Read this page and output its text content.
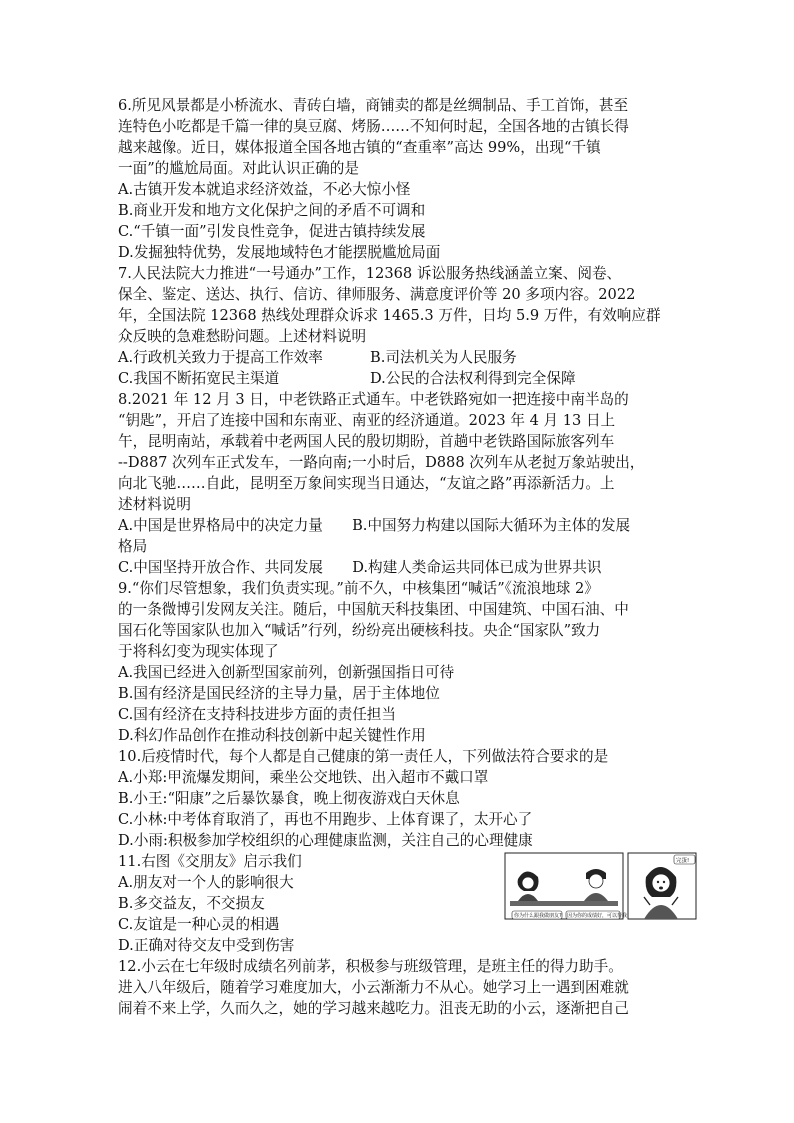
6.所见风景都是小桥流水、青砖白墙，商铺卖的都是丝绸制品、手工首饰，甚至
连特色小吃都是千篇一律的臭豆腐、烤肠……不知何时起，全国各地的古镇长得
越来越像。近日，媒体报道全国各地古镇的“查重率”高达 99%，出现“千镇
一面”的尴尬局面。对此认识正确的是
A.古镇开发本就追求经济效益，不必大惊小怪
B.商业开发和地方文化保护之间的矛盾不可调和
C.“千镇一面”引发良性竞争，促进古镇持续发展
D.发掘独特优势，发展地域特色才能摆脱尴尬局面
7.人民法院大力推进“一号通办”工作，12368 诉讼服务热线涵盖立案、阅卷、
保全、鉴定、送达、执行、信访、律师服务、满意度评价等 20 多项内容。2022
年，全国法院 12368 热线处理群众诉求 1465.3 万件，日均 5.9 万件，有效响应群
众反映的急难愁盼问题。上述材料说明
A.行政机关致力于提高工作效率	B.司法机关为人民服务
C.我国不断拓宽民主渠道	D.公民的合法权利得到完全保障
8.2021 年 12 月 3 日，中老铁路正式通车。中老铁路宛如一把连接中南半岛的
“钥匙”，开启了连接中国和东南亚、南亚的经济通道。2023 年 4 月 13 日上
午，昆明南站，承载着中老两国人民的殷切期盼，首趟中老铁路国际旅客列车
--D887 次列车正式发车，一路向南;一小时后，D888 次列车从老挝万象站驶出，
向北飞驰……自此，昆明至万象间实现当日通达，“友谊之路”再添新活力。上
述材料说明
A.中国是世界格局中的决定力量　　B.中国努力构建以国际大循环为主体的发展
格局
C.中国坚持开放合作、共同发展　　D.构建人类命运共同体已成为世界共识
9.“你们尽管想象，我们负责实现。”前不久，中核集团“喊话”《流浪地球 2》
的一条微博引发网友关注。随后，中国航天科技集团、中国建筑、中国石油、中
国石化等国家队也加入“喊话”行列，纷纷亮出硬核科技。央企“国家队”致力
于将科幻变为现实体现了
A.我国已经进入创新型国家前列，创新强国指日可待
B.国有经济是国民经济的主导力量，居于主体地位
C.国有经济在支持科技进步方面的责任担当
D.科幻作品创作在推动科技创新中起关键性作用
10.后疫情时代，每个人都是自己健康的第一责任人，下列做法符合要求的是
A.小郑:甲流爆发期间，乘坐公交地铁、出入超市不戴口罩
B.小王:“阳康”之后暴饮暴食，晚上彻夜游戏白天休息
C.小林:中考体育取消了，再也不用跑步、上体育课了，太开心了
D.小雨:积极参加学校组织的心理健康监测，关注自己的心理健康
11.右图《交朋友》启示我们
A.朋友对一个人的影响很大
B.多交益友，不交损友
C.友谊是一种心灵的相遇
D.正确对待交友中受到伤害
12.小云在七年级时成绩名列前茅，积极参与班级管理，是班主任的得力助手。
进入八年级后，随着学习难度加大，小云渐渐力不从心。她学习上一遇到困难就
闹着不来上学，久而久之，她的学习越来越吃力。沮丧无助的小云，逐渐把自己
你为什么跟我做朋友? 因为你的成绩好，可以帮我
完蛋!
